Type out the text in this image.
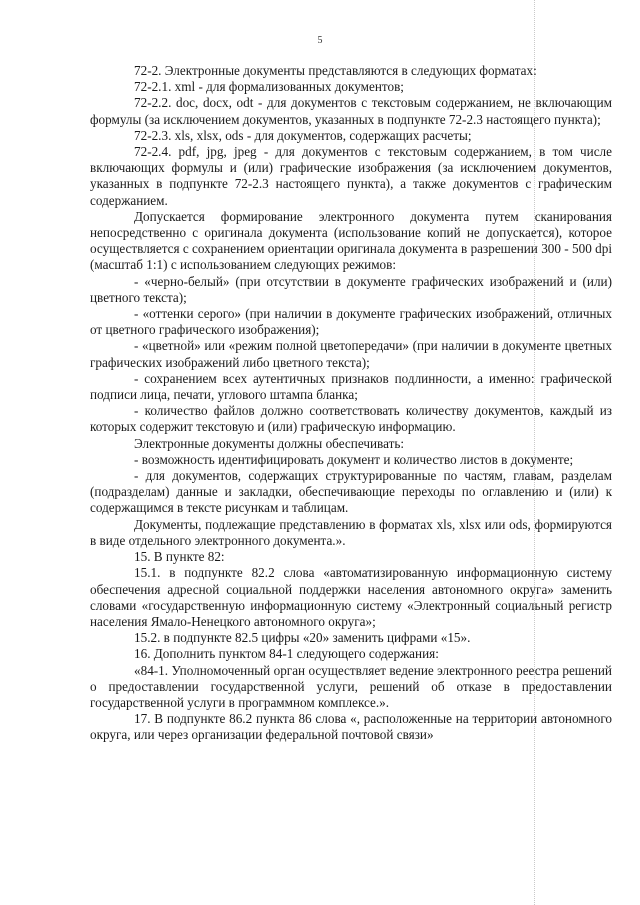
5

72-2. Электронные документы представляются в следующих форматах:

72-2.1. xml - для формализованных документов;

72-2.2. doc, docx, odt - для документов с текстовым содержанием, не включающим формулы (за исключением документов, указанных в подпункте 72-2.3 настоящего пункта);

72-2.3. xls, xlsx, ods - для документов, содержащих расчеты;

72-2.4. pdf, jpg, jpeg - для документов с текстовым содержанием, в том числе включающих формулы и (или) графические изображения (за исключением документов, указанных в подпункте 72-2.3 настоящего пункта), а также документов с графическим содержанием.

Допускается формирование электронного документа путем сканирования непосредственно с оригинала документа (использование копий не допускается), которое осуществляется с сохранением ориентации оригинала документа в разрешении 300 - 500 dpi (масштаб 1:1) с использованием следующих режимов:

- «черно-белый» (при отсутствии в документе графических изображений и (или) цветного текста);

- «оттенки серого» (при наличии в документе графических изображений, отличных от цветного графического изображения);

- «цветной» или «режим полной цветопередачи» (при наличии в документе цветных графических изображений либо цветного текста);

- сохранением всех аутентичных признаков подлинности, а именно: графической подписи лица, печати, углового штампа бланка;

- количество файлов должно соответствовать количеству документов, каждый из которых содержит текстовую и (или) графическую информацию.

Электронные документы должны обеспечивать:

- возможность идентифицировать документ и количество листов в документе;

- для документов, содержащих структурированные по частям, главам, разделам (подразделам) данные и закладки, обеспечивающие переходы по оглавлению и (или) к содержащимся в тексте рисункам и таблицам.

Документы, подлежащие представлению в форматах xls, xlsx или ods, формируются в виде отдельного электронного документа.».

15. В пункте 82:

15.1. в подпункте 82.2 слова «автоматизированную информационную систему обеспечения адресной социальной поддержки населения автономного округа» заменить словами «государственную информационную систему «Электронный социальный регистр населения Ямало-Ненецкого автономного округа»;

15.2. в подпункте 82.5 цифры «20» заменить цифрами «15».

16. Дополнить пунктом 84-1 следующего содержания:

«84-1. Уполномоченный орган осуществляет ведение электронного реестра решений о предоставлении государственной услуги, решений об отказе в предоставлении государственной услуги в программном комплексе.».

17. В подпункте 86.2 пункта 86 слова «, расположенные на территории автономного округа, или через организации федеральной почтовой связи»
